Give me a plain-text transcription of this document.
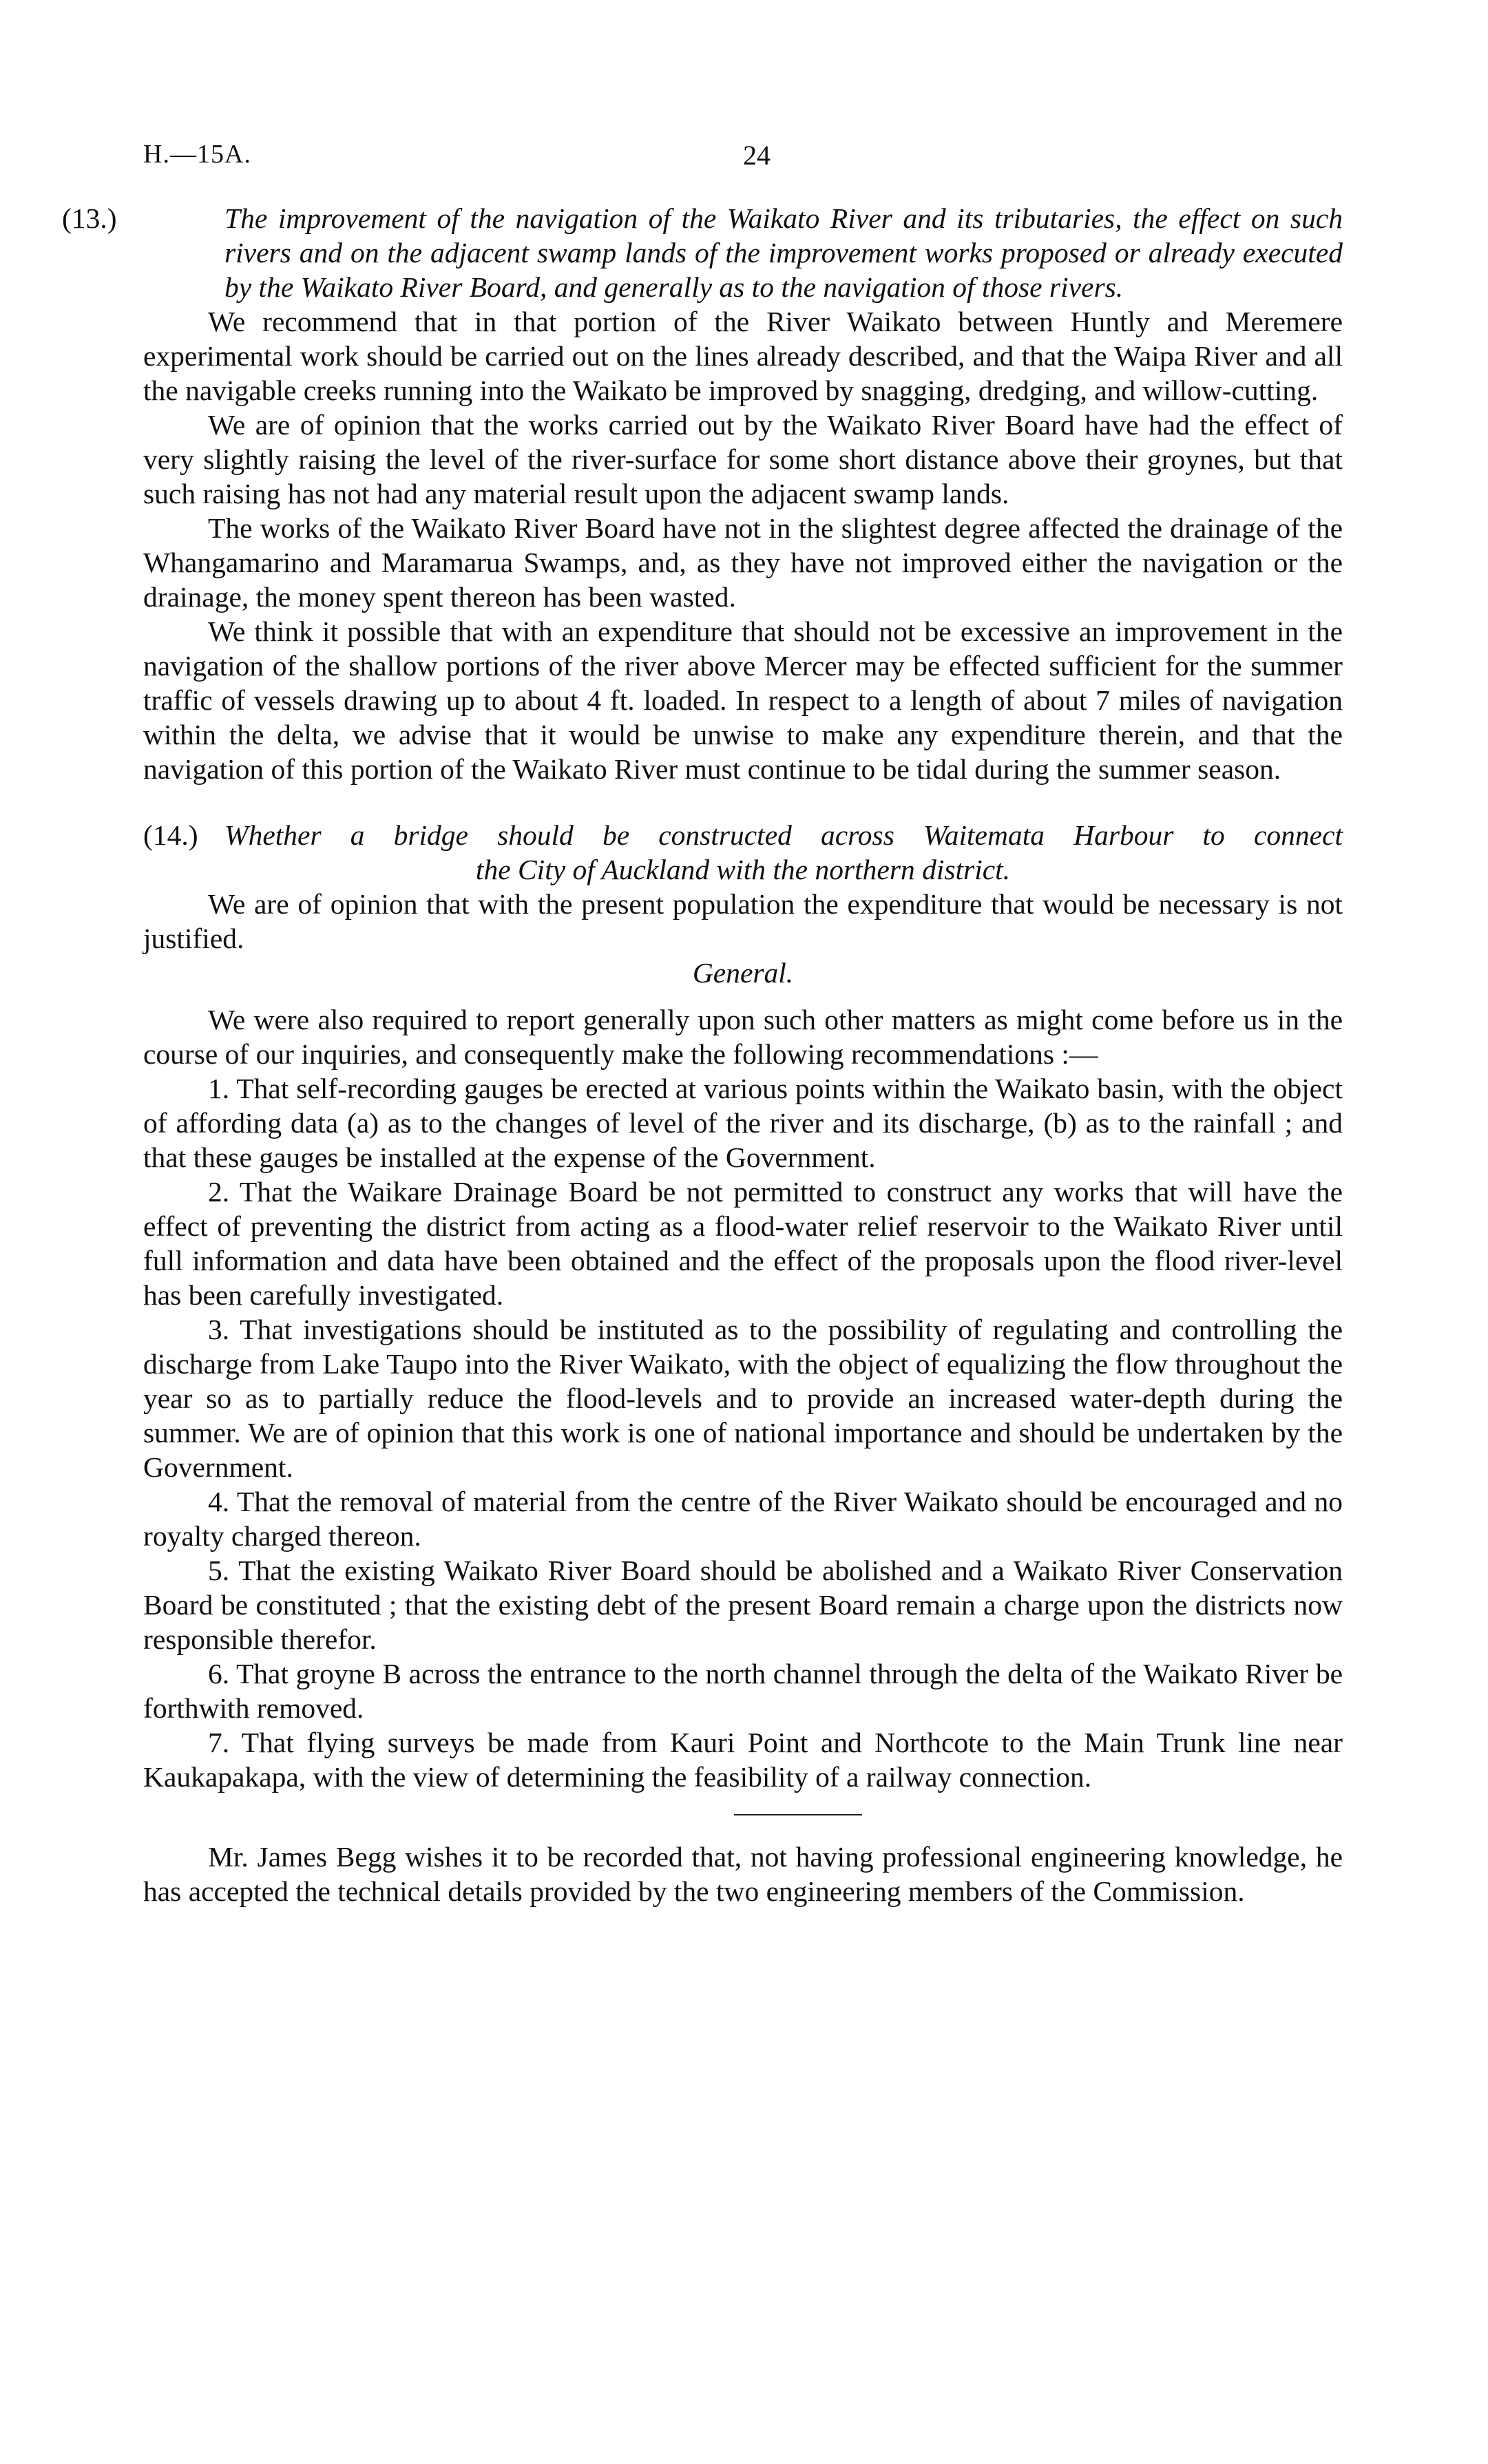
H.—15A.	24
(13.)	The improvement of the navigation of the Waikato River and its tributaries, the effect on such rivers and on the adjacent swamp lands of the improvement works proposed or already executed by the Waikato River Board, and generally as to the navigation of those rivers.

We recommend that in that portion of the River Waikato between Huntly and Meremere experimental work should be carried out on the lines already described, and that the Waipa River and all the navigable creeks running into the Waikato be improved by snagging, dredging, and willow-cutting.

We are of opinion that the works carried out by the Waikato River Board have had the effect of very slightly raising the level of the river-surface for some short distance above their groynes, but that such raising has not had any material result upon the adjacent swamp lands.

The works of the Waikato River Board have not in the slightest degree affected the drainage of the Whangamarino and Maramarua Swamps, and, as they have not improved either the navigation or the drainage, the money spent thereon has been wasted.

We think it possible that with an expenditure that should not be excessive an improvement in the navigation of the shallow portions of the river above Mercer may be effected sufficient for the summer traffic of vessels drawing up to about 4 ft. loaded. In respect to a length of about 7 miles of navigation within the delta, we advise that it would be unwise to make any expenditure therein, and that the navigation of this portion of the Waikato River must continue to be tidal during the summer season.

(14.) Whether a bridge should be constructed across Waitemata Harbour to connect
the City of Auckland with the northern district.

We are of opinion that with the present population the expenditure that would be necessary is not justified.

General.

We were also required to report generally upon such other matters as might come before us in the course of our inquiries, and consequently make the following recommendations :—

1. That self-recording gauges be erected at various points within the Waikato basin, with the object of affording data (a) as to the changes of level of the river and its discharge, (b) as to the rainfall ; and that these gauges be installed at the expense of the Government.

2. That the Waikare Drainage Board be not permitted to construct any works that will have the effect of preventing the district from acting as a flood-water relief reservoir to the Waikato River until full information and data have been obtained and the effect of the proposals upon the flood river-level has been carefully investigated.

3. That investigations should be instituted as to the possibility of regulating and controlling the discharge from Lake Taupo into the River Waikato, with the object of equalizing the flow throughout the year so as to partially reduce the flood-levels and to provide an increased water-depth during the summer. We are of opinion that this work is one of national importance and should be undertaken by the Government.

4. That the removal of material from the centre of the River Waikato should be encouraged and no royalty charged thereon.

5. That the existing Waikato River Board should be abolished and a Waikato River Conservation Board be constituted ; that the existing debt of the present Board remain a charge upon the districts now responsible therefor.

6. That groyne B across the entrance to the north channel through the delta of the Waikato River be forthwith removed.

7. That flying surveys be made from Kauri Point and Northcote to the Main Trunk line near Kaukapakapa, with the view of determining the feasibility of a railway connection.

Mr. James Begg wishes it to be recorded that, not having professional engineering knowledge, he has accepted the technical details provided by the two engineering members of the Commission.
